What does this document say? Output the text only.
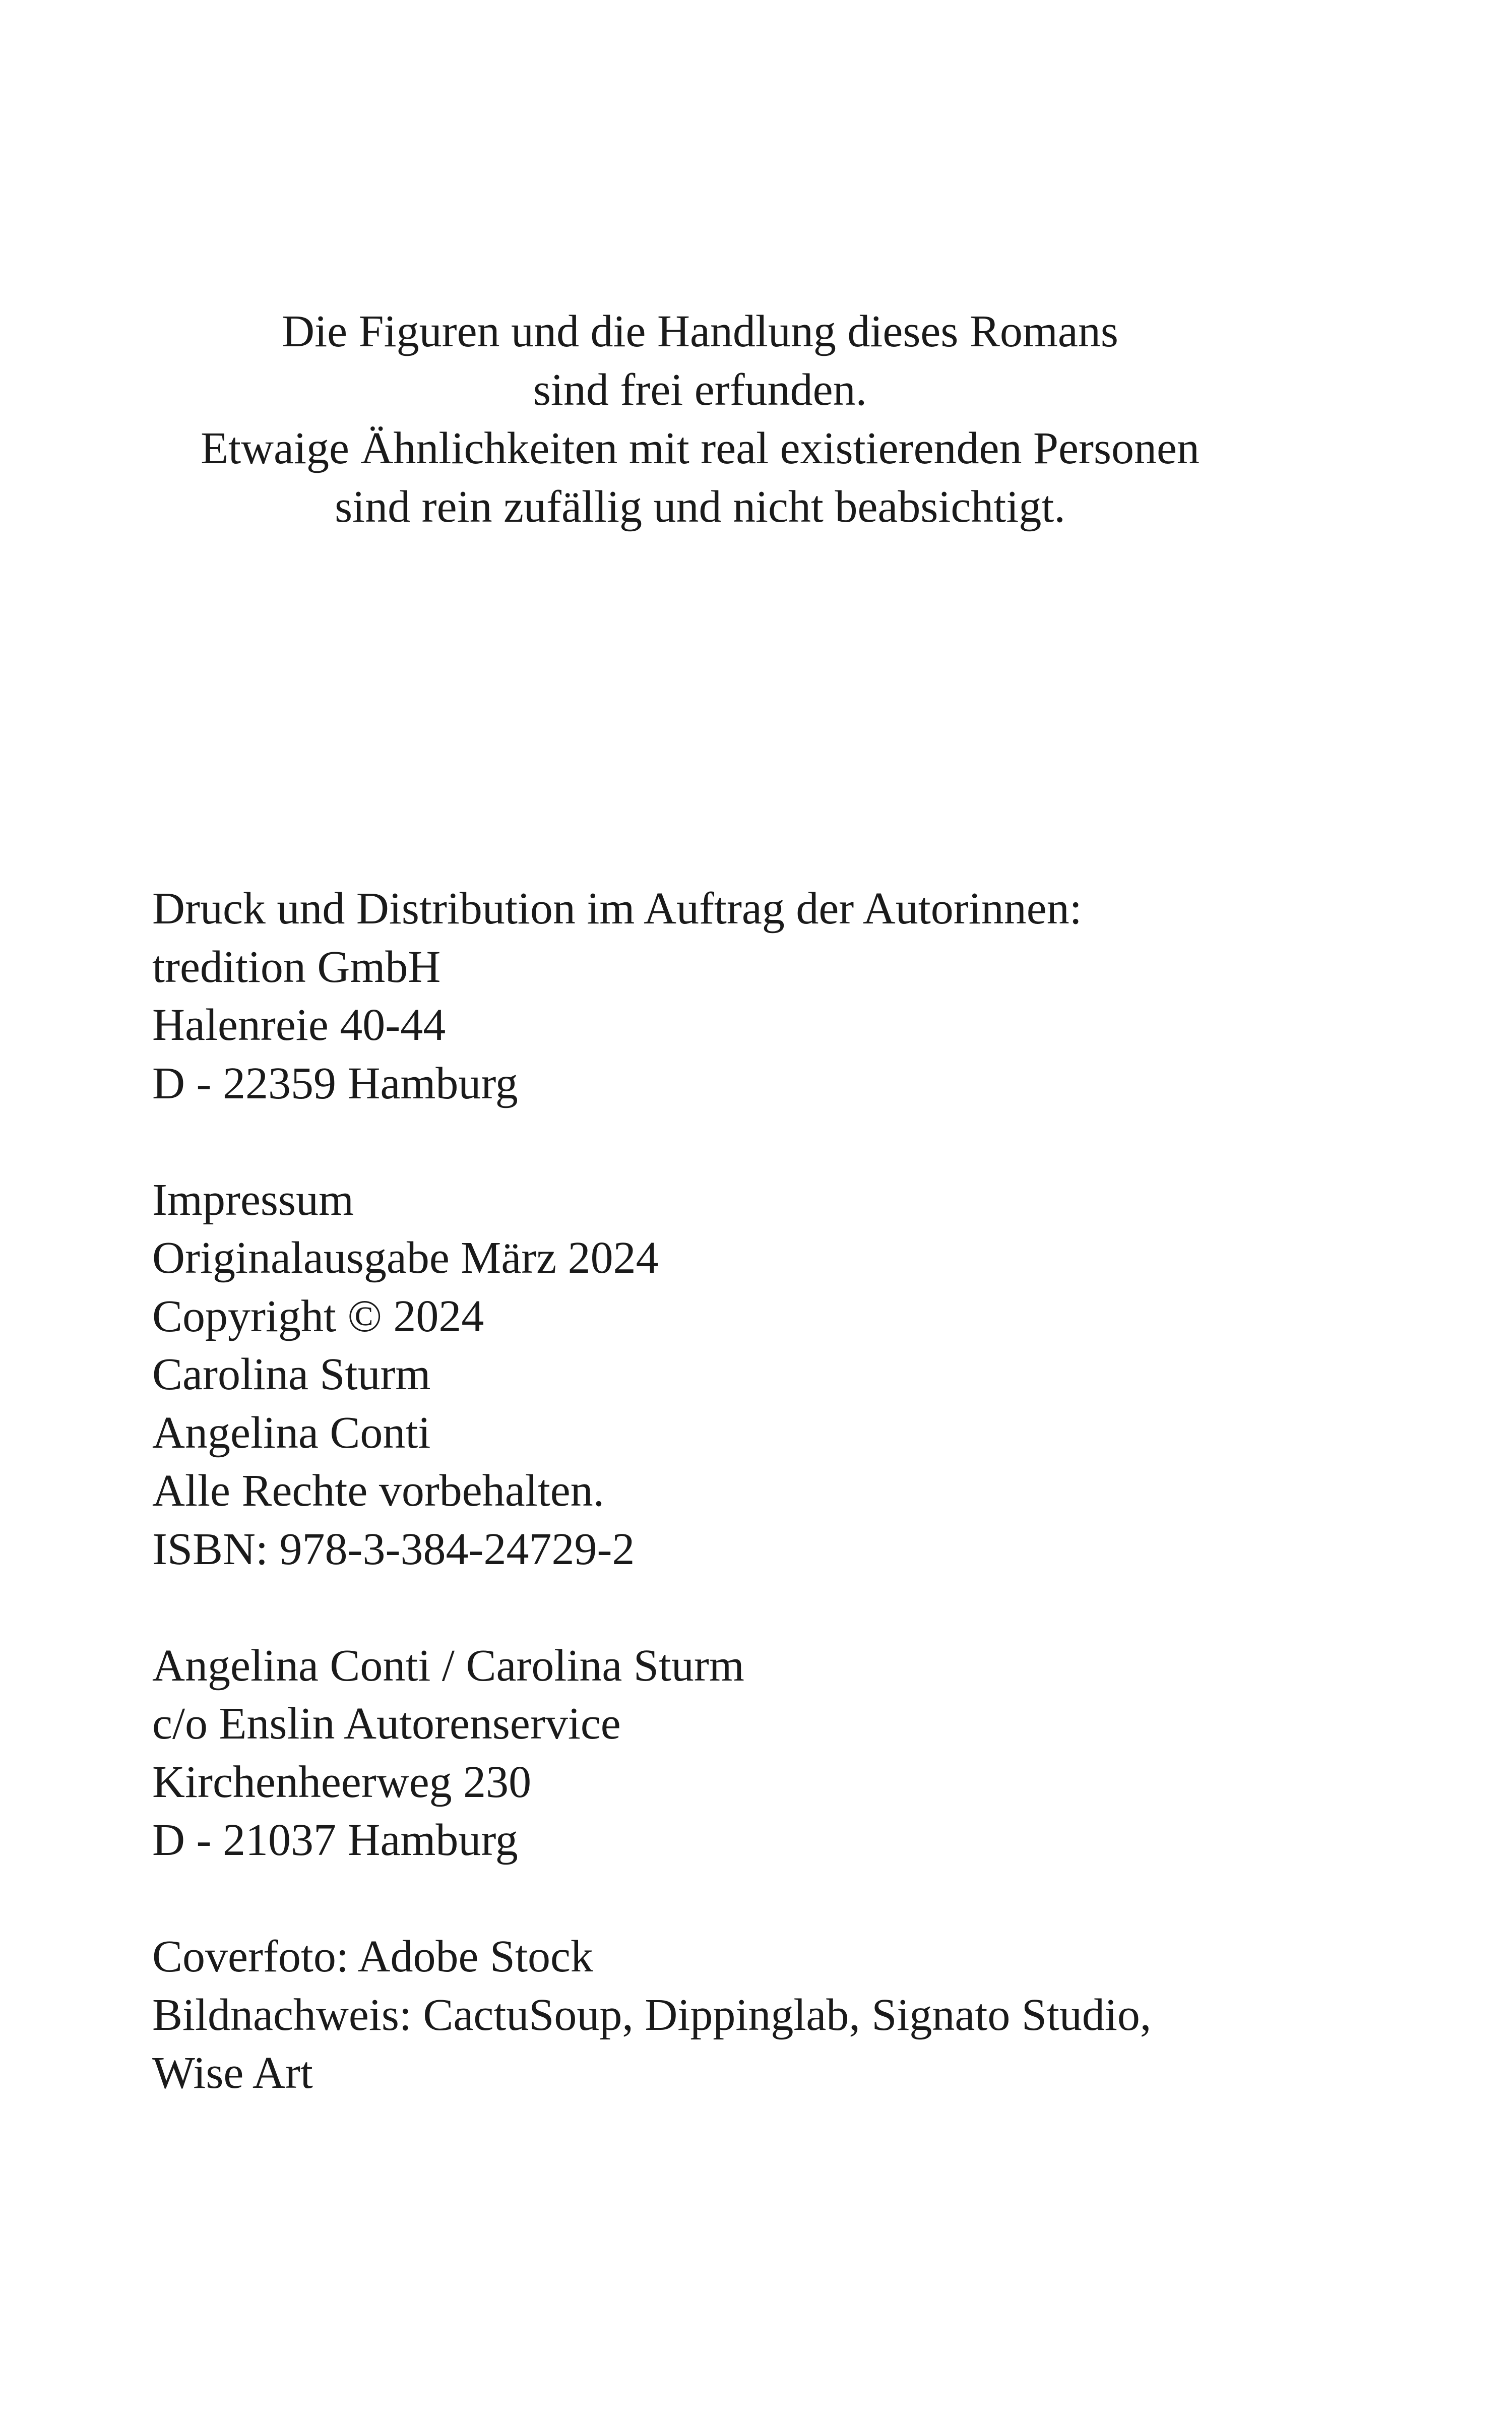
Die Figuren und die Handlung dieses Romans
sind frei erfunden.
Etwaige Ähnlichkeiten mit real existierenden Personen
sind rein zufällig und nicht beabsichtigt.
Druck und Distribution im Auftrag der Autorinnen:
tredition GmbH
Halenreie 40-44
D - 22359 Hamburg
Impressum
Originalausgabe März 2024
Copyright © 2024
Carolina Sturm
Angelina Conti
Alle Rechte vorbehalten.
ISBN: 978-3-384-24729-2
Angelina Conti / Carolina Sturm
c/o Enslin Autorenservice
Kirchenheerweg 230
D - 21037 Hamburg
Coverfoto: Adobe Stock
Bildnachweis: CactuSoup, Dippinglab, Signato Studio,
Wise Art
